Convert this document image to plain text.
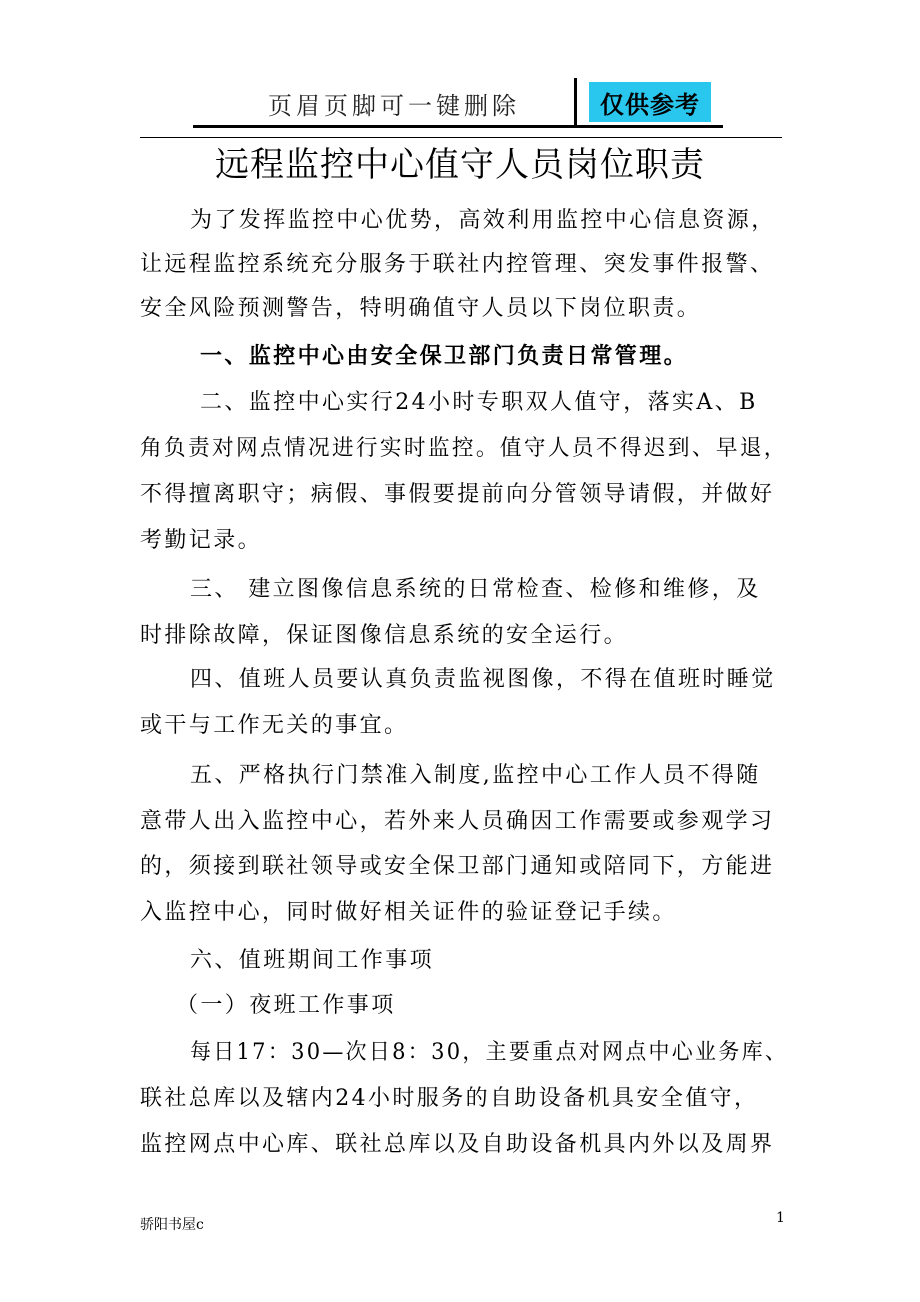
页眉页脚可一键删除	仅供参考
远程监控中心值守人员岗位职责
为了发挥监控中心优势，高效利用监控中心信息资源，
让远程监控系统充分服务于联社内控管理、突发事件报警、
安全风险预测警告，特明确值守人员以下岗位职责。
一、监控中心由安全保卫部门负责日常管理。
二、监控中心实行24小时专职双人值守，落实A、B
角负责对网点情况进行实时监控。值守人员不得迟到、早退，
不得擅离职守；病假、事假要提前向分管领导请假，并做好
考勤记录。
三、 建立图像信息系统的日常检查、检修和维修，及
时排除故障，保证图像信息系统的安全运行。
四、值班人员要认真负责监视图像，不得在值班时睡觉
或干与工作无关的事宜。
五、严格执行门禁准入制度,监控中心工作人员不得随
意带人出入监控中心，若外来人员确因工作需要或参观学习
的，须接到联社领导或安全保卫部门通知或陪同下，方能进
入监控中心，同时做好相关证件的验证登记手续。
六、值班期间工作事项
（一）夜班工作事项
每日17：30—次日8：30，主要重点对网点中心业务库、
联社总库以及辖内24小时服务的自助设备机具安全值守，
监控网点中心库、联社总库以及自助设备机具内外以及周界
骄阳书屋c	1
